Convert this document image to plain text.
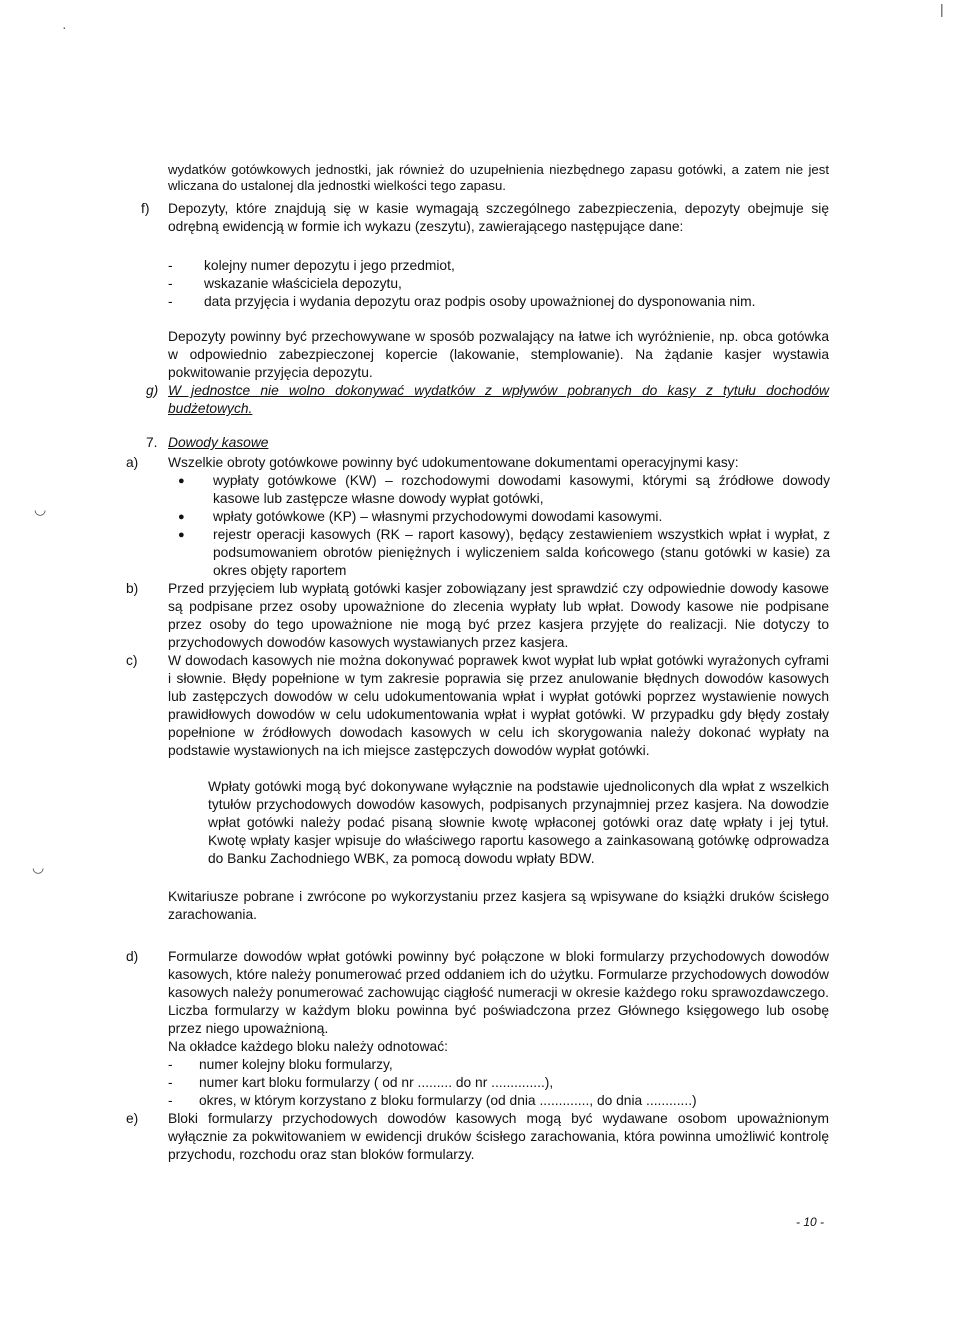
·
|
◡
◡

wydatków gotówkowych jednostki, jak również do uzupełnienia niezbędnego zapasu gotówki, a zatem nie jest wliczana do ustalonej dla jednostki wielkości tego zapasu.

f)	Depozyty, które znajdują się w kasie wymagają szczególnego zabezpieczenia, depozyty obejmuje się odrębną ewidencją w formie ich wykazu (zeszytu), zawierającego następujące dane:

-	kolejny numer depozytu i jego przedmiot,
-	wskazanie właściciela depozytu,
-	data przyjęcia i wydania depozytu oraz podpis osoby upoważnionej do dysponowania nim.

Depozyty powinny być przechowywane w sposób pozwalający na łatwe ich wyróżnienie, np. obca gotówka w odpowiednio zabezpieczonej kopercie (lakowanie, stemplowanie). Na żądanie kasjer wystawia pokwitowanie przyjęcia depozytu.

g) W jednostce nie wolno dokonywać wydatków z wpływów pobranych do kasy z tytułu dochodów budżetowych.

7. Dowody kasowe
a)	Wszelkie obroty gotówkowe powinny być udokumentowane dokumentami operacyjnymi kasy:

● wypłaty gotówkowe (KW) – rozchodowymi dowodami kasowymi, którymi są źródłowe dowody kasowe lub zastępcze własne dowody wypłat gotówki,
● wpłaty gotówkowe (KP) – własnymi przychodowymi dowodami kasowymi.
● rejestr operacji kasowych (RK – raport kasowy), będący zestawieniem wszystkich wpłat i wypłat, z podsumowaniem obrotów pieniężnych i wyliczeniem salda końcowego (stanu gotówki w kasie) za okres objęty raportem
b)	Przed przyjęciem lub wypłatą gotówki kasjer zobowiązany jest sprawdzić czy odpowiednie dowody kasowe są podpisane przez osoby upoważnione do zlecenia wypłaty lub wpłat. Dowody kasowe nie podpisane przez osoby do tego upoważnione nie mogą być przez kasjera przyjęte do realizacji. Nie dotyczy to przychodowych dowodów kasowych wystawianych przez kasjera.

c)	W dowodach kasowych nie można dokonywać poprawek kwot wypłat lub wpłat gotówki wyrażonych cyframi i słownie. Błędy popełnione w tym zakresie poprawia się przez anulowanie błędnych dowodów kasowych lub zastępczych dowodów w celu udokumentowania wpłat i wypłat gotówki poprzez wystawienie nowych prawidłowych dowodów w celu udokumentowania wpłat i wypłat gotówki. W przypadku gdy błędy zostały popełnione w źródłowych dowodach kasowych w celu ich skorygowania należy dokonać wypłaty na podstawie wystawionych na ich miejsce zastępczych dowodów wypłat gotówki.

Wpłaty gotówki mogą być dokonywane wyłącznie na podstawie ujednoliconych dla wpłat z wszelkich tytułów przychodowych dowodów kasowych, podpisanych przynajmniej przez kasjera. Na dowodzie wpłat gotówki należy podać pisaną słownie kwotę wpłaconej gotówki oraz datę wpłaty i jej tytuł. Kwotę wpłaty kasjer wpisuje do właściwego raportu kasowego a zainkasowaną gotówkę odprowadza do Banku Zachodniego WBK, za pomocą dowodu wpłaty BDW.

Kwitariusze pobrane i zwrócone po wykorzystaniu przez kasjera są wpisywane do książki druków ścisłego zarachowania.

d)	Formularze dowodów wpłat gotówki powinny być połączone w bloki formularzy przychodowych dowodów kasowych, które należy ponumerować przed oddaniem ich do użytku. Formularze przychodowych dowodów kasowych należy ponumerować zachowując ciągłość numeracji w okresie każdego roku sprawozdawczego. Liczba formularzy w każdym bloku powinna być poświadczona przez Głównego księgowego lub osobę przez niego upoważnioną.

Na okładce każdego bloku należy odnotować:

-	numer kolejny bloku formularzy,
-	numer kart bloku formularzy ( od nr ......... do nr ..............),
-	okres, w którym korzystano z bloku formularzy (od dnia ............., do dnia ............)
e)	Bloki formularzy przychodowych dowodów kasowych mogą być wydawane osobom upoważnionym wyłącznie za pokwitowaniem w ewidencji druków ścisłego zarachowania, która powinna umożliwić kontrolę przychodu, rozchodu oraz stan bloków formularzy.

- 10 -
